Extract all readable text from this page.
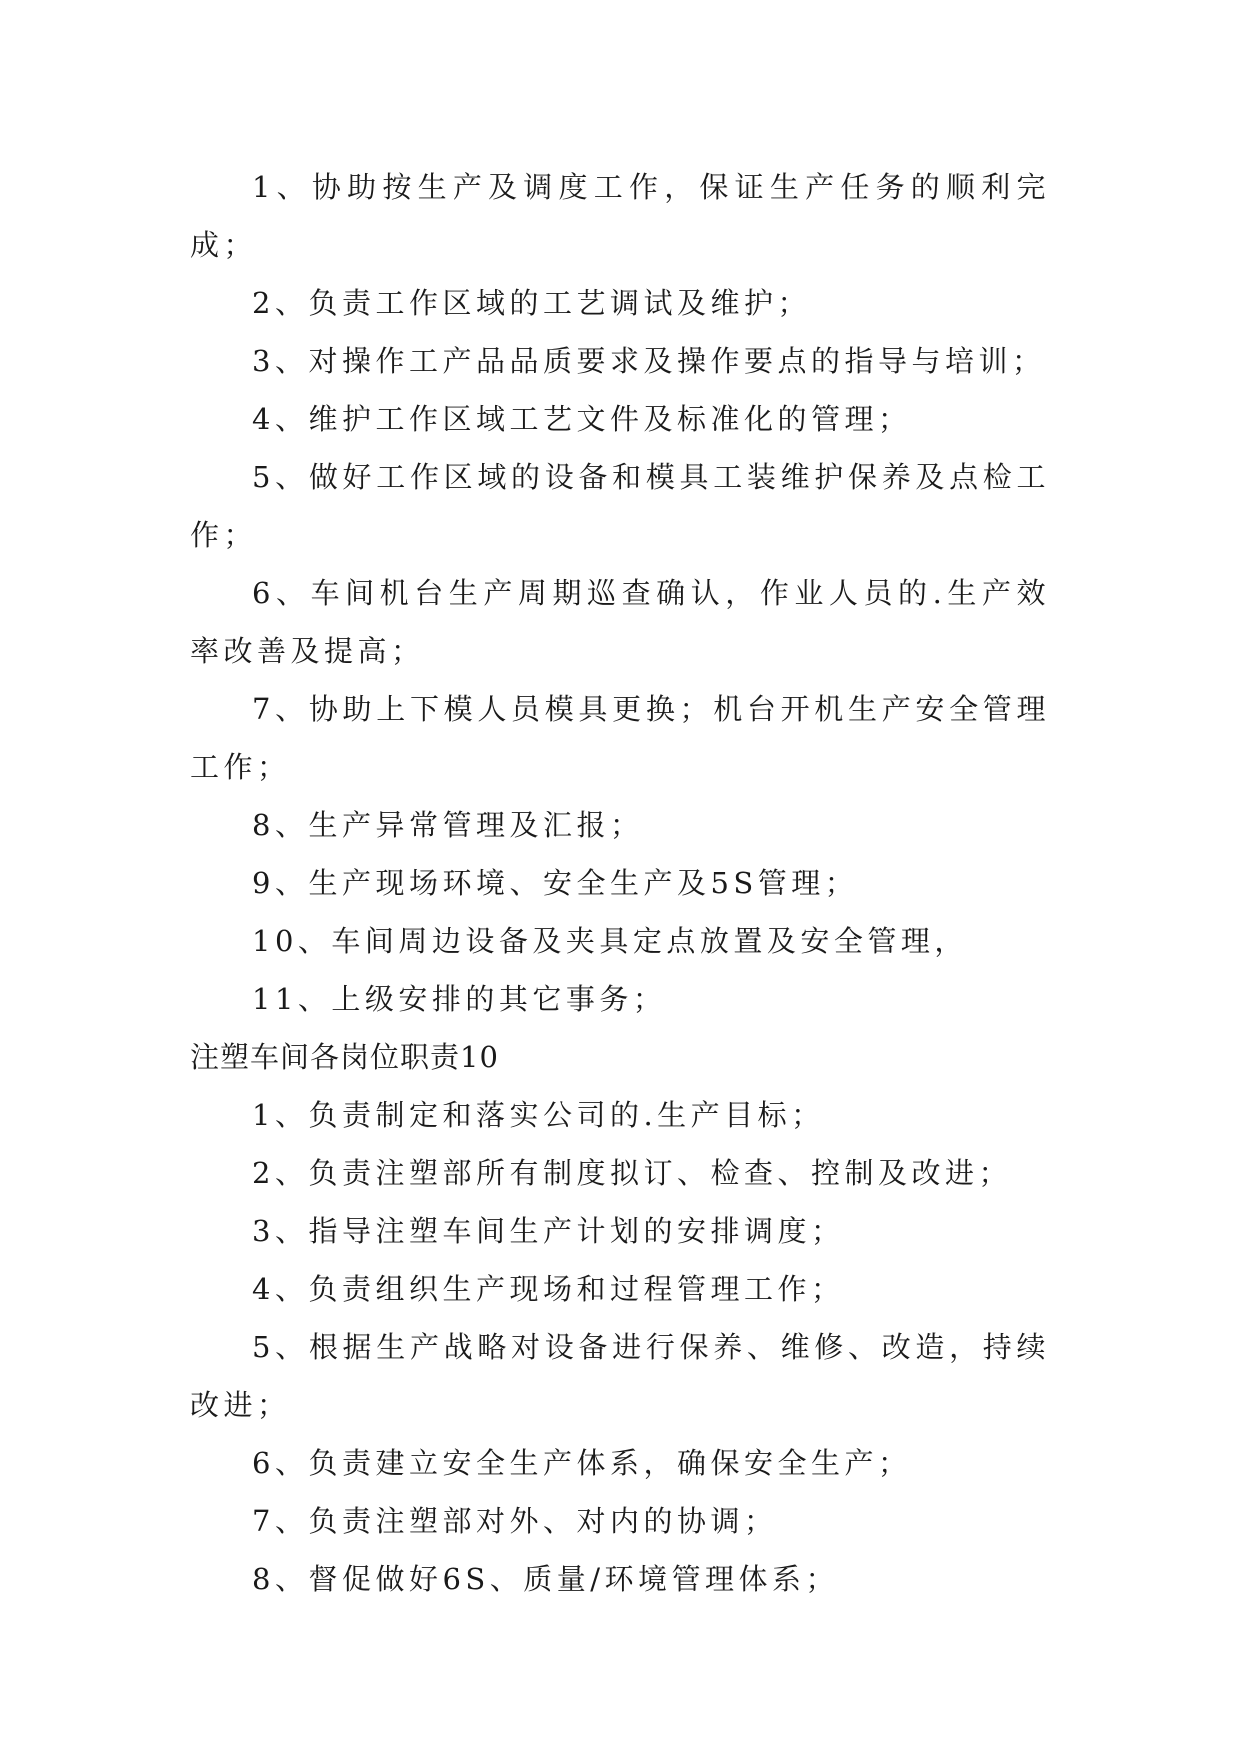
1、协助按生产及调度工作，保证生产任务的顺利完成；

2、负责工作区域的工艺调试及维护；

3、对操作工产品品质要求及操作要点的指导与培训；

4、维护工作区域工艺文件及标准化的管理；

5、做好工作区域的设备和模具工装维护保养及点检工作；

6、车间机台生产周期巡查确认，作业人员的.生产效率改善及提高；

7、协助上下模人员模具更换；机台开机生产安全管理工作；

8、生产异常管理及汇报；

9、生产现场环境、安全生产及5S管理；

10、车间周边设备及夹具定点放置及安全管理，

11、上级安排的其它事务；

注塑车间各岗位职责10

1、负责制定和落实公司的.生产目标；

2、负责注塑部所有制度拟订、检查、控制及改进；

3、指导注塑车间生产计划的安排调度；

4、负责组织生产现场和过程管理工作；

5、根据生产战略对设备进行保养、维修、改造，持续改进；

6、负责建立安全生产体系，确保安全生产；

7、负责注塑部对外、对内的协调；

8、督促做好6S、质量/环境管理体系；
